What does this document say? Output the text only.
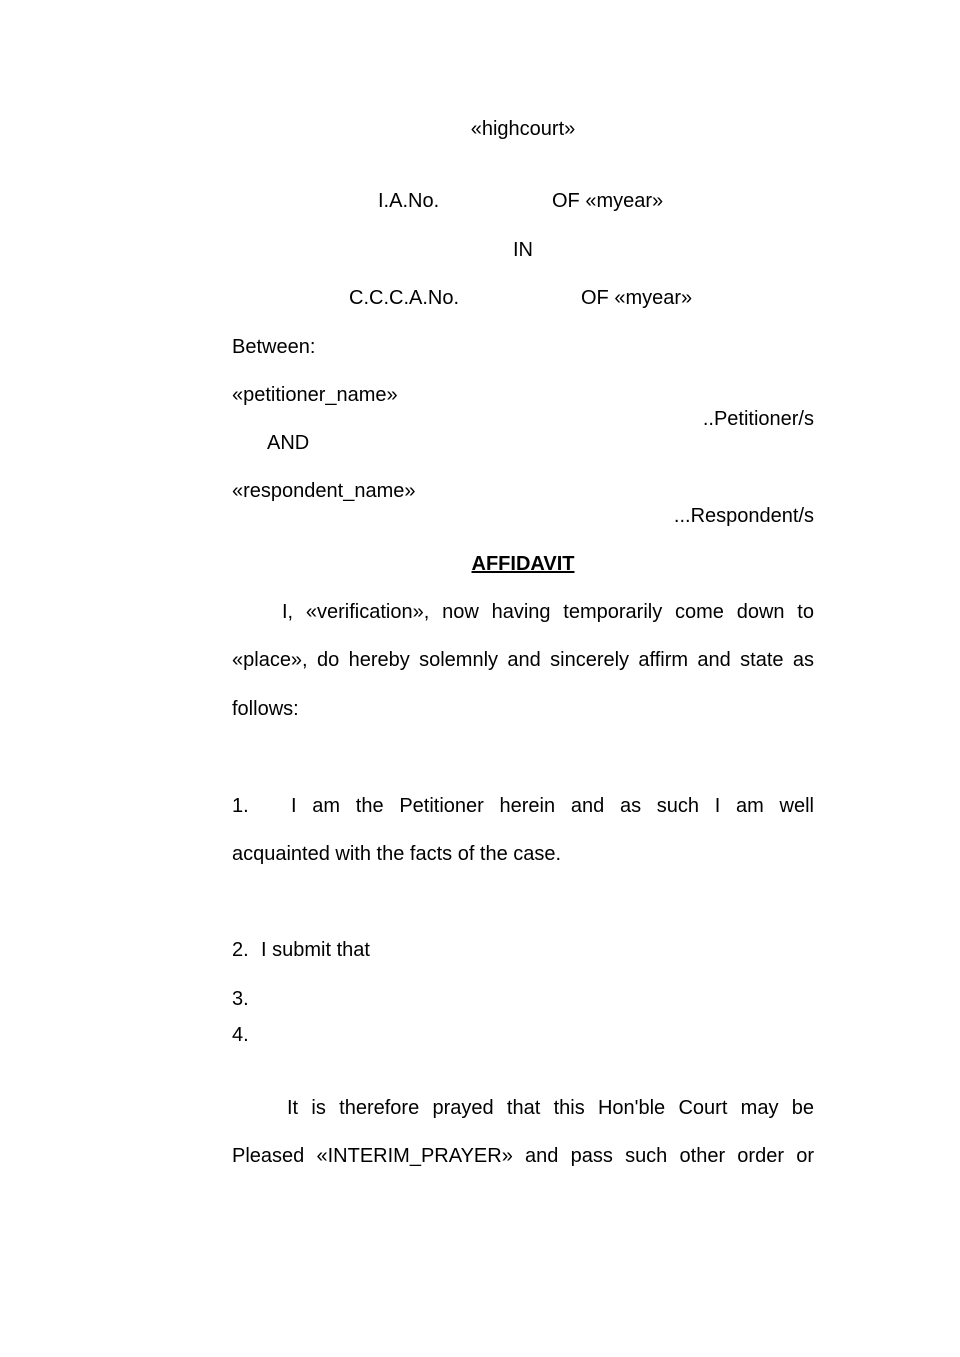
«highcourt»
I.A.No.	OF «myear»
IN
C.C.C.A.No.	OF «myear»
Between:
«petitioner_name»
..Petitioner/s
AND
«respondent_name»
...Respondent/s
AFFIDAVIT
I, «verification», now having temporarily come down to
«place», do hereby solemnly and sincerely affirm and state as
follows:
1. I am the Petitioner herein and as such I am well
acquainted with the facts of the case.
2. I submit that
3.
4.
It is therefore prayed that this Hon'ble Court may be
Pleased «INTERIM_PRAYER» and pass such other order or
